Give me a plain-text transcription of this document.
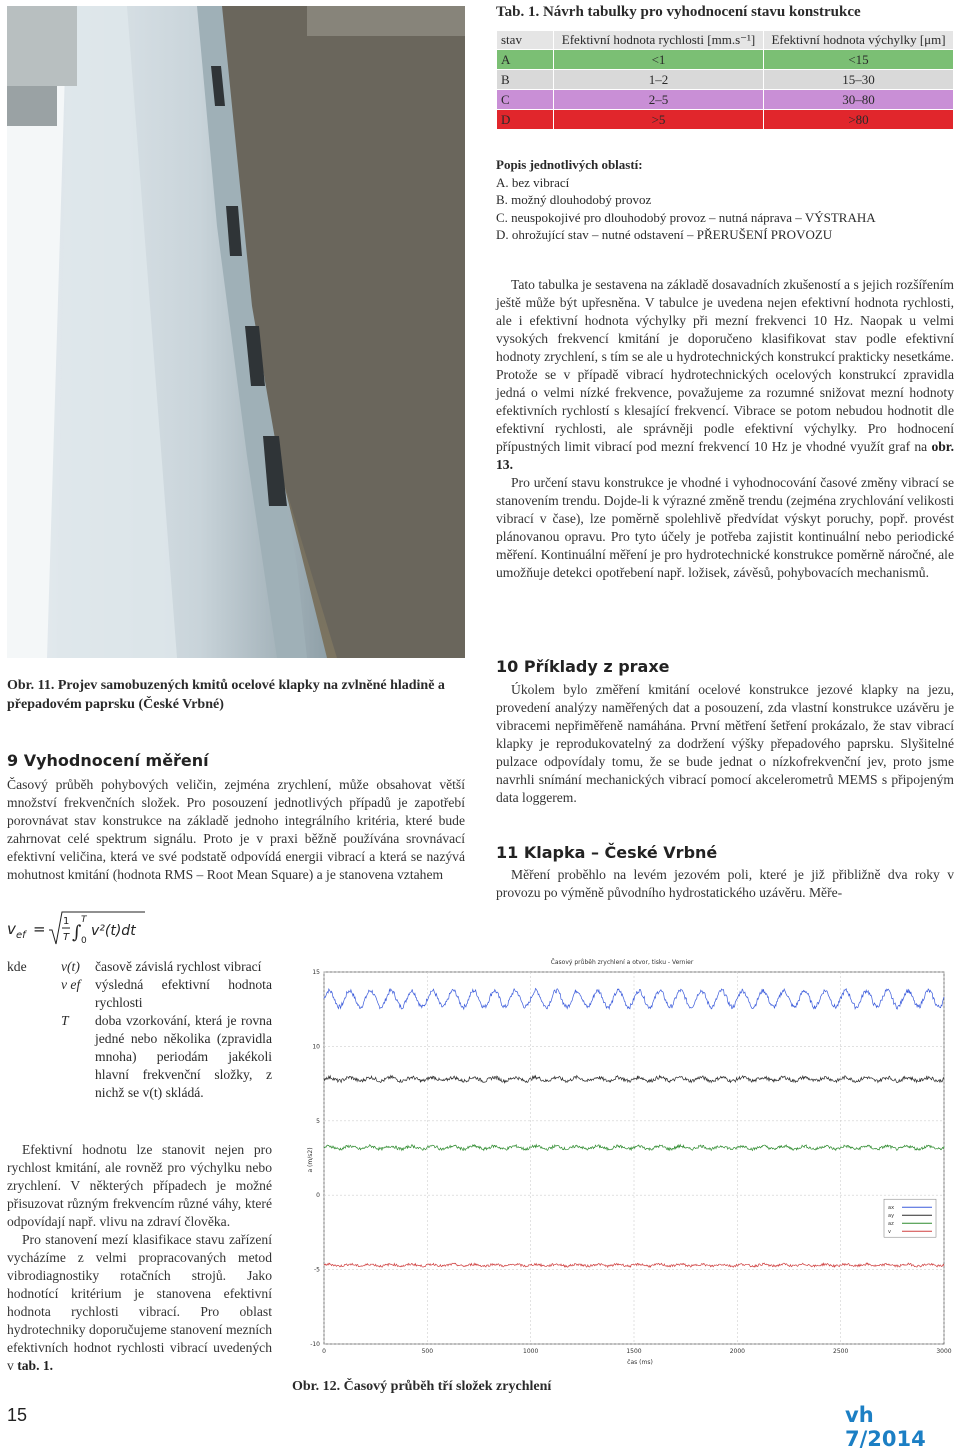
Tab. 1. Návrh tabulky pro vyhodnocení stavu konstrukce
stav	Efektivní hodnota rychlosti [mm.s⁻¹]	Efektivní hodnota výchylky [μm]
A	<1	<15
B	1–2	15–30
C	2–5	30–80
D	>5	>80
Popis jednotlivých oblastí:
A. bez vibrací
B. možný dlouhodobý provoz
C. neuspokojivé pro dlouhodobý provoz – nutná náprava – VÝSTRAHA
D. ohrožující stav – nutné odstavení – PŘERUŠENÍ PROVOZU
Obr. 11. Projev samobuzených kmitů ocelové klapky na zvlněné hladině a přepadovém paprsku (České Vrbné)
9 Vyhodnocení měření

Časový průběh pohybových veličin, zejména zrychlení, může obsahovat větší množství frekvenčních složek. Pro posouzení jednotlivých případů je zapotřebí porovnávat stav konstrukce na základě jednoho integrálního kritéria, které bude zahrnovat celé spektrum signálu. Proto je v praxi běžně používána srovnávací efektivní veličina, která ve své podstatě odpovídá energii vibrací a která se nazývá mohutnost kmitání (hodnota RMS – Root Mean Square) a je stanovena vztahem

v ef = 1
T ∫
T
0
v²(t)dt
kde	v(t)	časově závislá rychlost vibrací
v ef	výsledná efektivní hodnota rychlosti
T	doba vzorkování, která je rovna jedné nebo několika (zpravidla mnoha) periodám jakékoli hlavní frekvenční složky, z nichž se v(t) skládá.

Efektivní hodnotu lze stanovit nejen pro rychlost kmitání, ale rovněž pro výchylku nebo zrychlení. V některých případech je možné přisuzovat různým frekvencím různé váhy, které odpovídají např. vlivu na zdraví člověka.

Pro stanovení mezí klasifikace stavu zařízení vycházíme z velmi propracovaných metod vibrodiagnostiky rotačních strojů. Jako hodnotící kritérium je stanovena efektivní hodnota rychlosti vibrací. Pro oblast hydrotechniky doporučujeme stanovení mezních efektivních hodnot rychlosti vibrací uvedených v tab. 1.

Tato tabulka je sestavena na základě dosavadních zkušeností a s jejich rozšířením ještě může být upřesněna. V tabulce je uvedena nejen efektivní hodnota rychlosti, ale i efektivní hodnota výchylky při mezní frekvenci 10 Hz. Naopak u velmi vysokých frekvencí kmitání je doporučeno klasifikovat stav podle efektivní hodnoty zrychlení, s tím se ale u hydrotechnických konstrukcí prakticky nesetkáme. Protože se v případě vibrací hydrotechnických ocelových konstrukcí zpravidla jedná o velmi nízké frekvence, považujeme za rozumné snižovat mezní hodnoty efektivních rychlostí s klesající frekvencí. Vibrace se potom nebudou hodnotit dle efektivní rychlosti, ale správněji podle efektivní výchylky. Pro hodnocení přípustných limit vibrací pod mezní frekvencí 10 Hz je vhodné využít graf na obr. 13.

Pro určení stavu konstrukce je vhodné i vyhodnocování časové změny vibrací se stanovením trendu. Dojde-li k výrazné změně trendu (zejména zrychlování velikosti vibrací v čase), lze poměrně spolehlivě předvídat výskyt poruchy, popř. provést plánovanou opravu. Pro tyto účely je potřeba zajistit kontinuální nebo periodické měření. Kontinuální měření je pro hydrotechnické konstrukce poměrně náročné, ale umožňuje detekci opotřebení např. ložisek, závěsů, pohybovacích mechanismů.

10 Příklady z praxe

Úkolem bylo změření kmitání ocelové konstrukce jezové klapky na jezu, provedení analýzy naměřených dat a posouzení, zda vlastní konstrukce uzávěru je vibracemi nepřiměřeně namáhána. První mětření šetření prokázalo, že stav vibrací klapky je reprodukovatelný za dodržení výšky přepadového paprsku. Slyšitelné pulzace odpovídaly tomu, že se bude jednat o nízkofrekvenční jev, proto jsme navrhli snímání mechanických vibrací pomocí akcelerometrů MEMS s připojeným data loggerem.

11 Klapka – České Vrbné

Měření proběhlo na levém jezovém poli, které je již přibližně dva roky v provozu po výměně původního hydrostatického uzávěru. Měře-

Časový průběh zrychlení a otvor, tisku - Vernier
a (m/s2)
čas (ms)
15
10
5
0
-5
-10
0	500	1000	1500	2000	2500	3000
ax
ay
az
v
Obr. 12. Časový průběh tří složek zrychlení
15	vh 7/2014
